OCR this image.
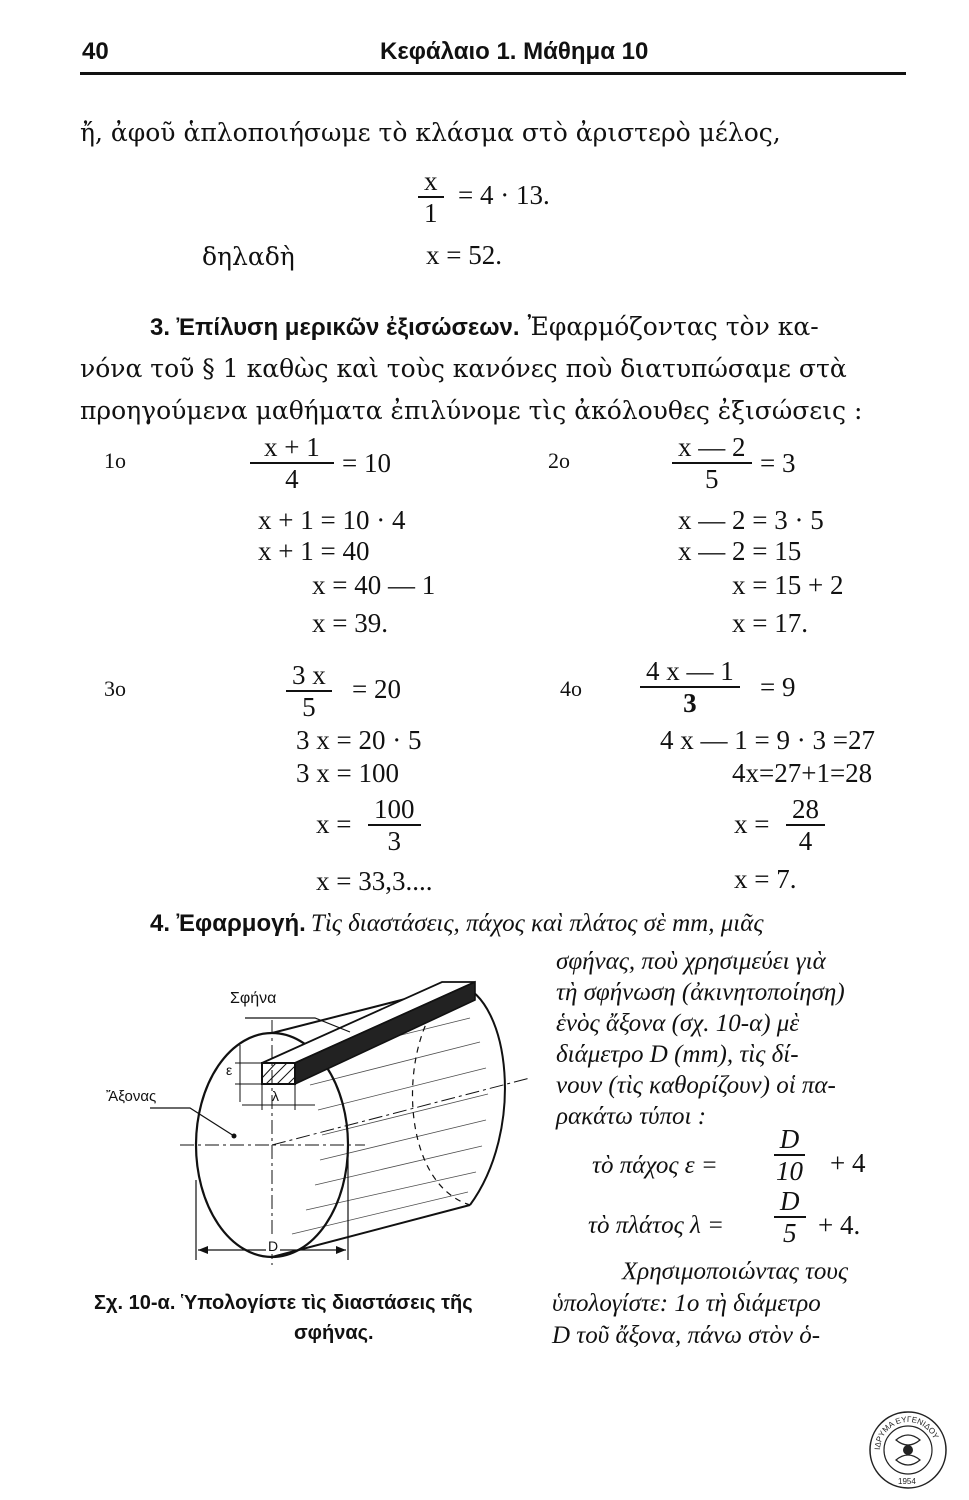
40	Κεφάλαιο 1. Μάθημα 10
ἤ, ἀφοῦ ἁπλοποιήσωμε τὸ κλάσμα στὸ ἀριστερὸ μέλος,
$\frac{x}{1} = 4 \cdot 13$.
δηλαδὴ	x = 52.
3. Ἐπίλυση μερικῶν ἐξισώσεων. Ἐφαρμόζοντας τὸν κα-
νόνα τοῦ § 1 καθὼς καὶ τοὺς κανόνες ποὺ διατυπώσαμε στὰ
προηγούμενα μαθήματα ἐπιλύνομε τὶς ἀκόλουθες ἐξισώσεις :
1ο	$\frac{x + 1}{4} = 10$
x + 1 = 10 · 4
x + 1 = 40
x = 40 — 1
x = 39.
2ο	$\frac{x — 2}{5} = 3$
x — 2 = 3 · 5
x — 2 = 15
x = 15 + 2
x = 17.
3ο	$\frac{3 x}{5} = 20$
3 x = 20 · 5
3 x = 100
$x = \frac{100}{3}$
x = 33,3....
$4o \frac{4 x — 1}{3} = 9$
4 x — 1 = 9 · 3 =27
4x=27+1=28
$x = \frac{28}{4}$
x = 7.
4. Ἐφαρμογή. Τὶς διαστάσεις, πάχος καὶ πλάτος σὲ mm, μιᾶς
σφήνας, ποὺ χρησιμεύει γιὰ
τὴ σφήνωση (ἀκινητοποίηση)
ἑνὸς ἄξονα (σχ. 10-α) μὲ
διάμετρο D (mm), τὶς δί-
νουν (τὶς καθορίζουν) οἱ πα-
ρακάτω τύποι :
τὸ πάχος $\varepsilon = \frac{D}{10} + 4$
τὸ πλάτος $\lambda = \frac{D}{5} + 4$.
Χρησιμοποιώντας τους
ὑπολογίστε: 1ο τὴ διάμετρο
D τοῦ ἄξονα, πάνω στὸν ὁ-
Σφήνα
Ἄξονας
ε
λ
D
Σχ. 10-α. Ὑπολογίστε τὶς διαστάσεις τῆς
σφήνας.
ΙΔΡΥΜΑ ΕΥΓΕΝΙΔΟΥ
1954
